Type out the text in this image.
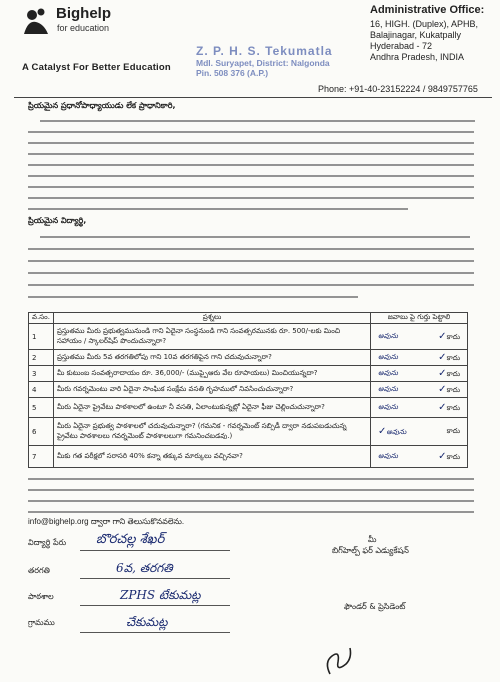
Bighelp
for education
A Catalyst For Better Education
Z. P. H. S. Tekumatla
Mdl. Suryapet, District: Nalgonda
Pin. 508 376 (A.P.)
Administrative Office:
16, HIGH. (Duplex), APHB,
Balajinagar, Kukatpally
Hyderabad - 72
Andhra Pradesh, INDIA
Phone: +91-40-23152224 / 9849757765
ప్రియమైన ప్రధానోపాధ్యాయుడు లేక ప్రాధానికారి,
ప్రియమైన విద్యార్థి,
వ.సం.	ప్రశ్నలు	జవాబు పై గుర్తు పెట్టాలి
1	ప్రస్తుతము మీరు ప్రభుత్వమునుండి గాని ఏదైనా సంస్థనుండి గాని సంవత్సరమునకు రూ. 500/-లకు మించి సహాయం / స్కాలర్‌షిప్ పొందుచున్నారా?	అవును ✓కాదు

2	ప్రస్తుతము మీరు 5వ తరగతిలోపు గాని 10వ తరగతిపైన గాని చదువుచున్నారా?	అవును ✓కాదు

3	మీ కుటుంబ సంవత్సరాదాయం రూ. 36,000/- (ముప్పైఆరు వేల రూపాయలు) మించియున్నదా?	అవును ✓కాదు

4	మీరు గవర్నమెంటు వారి ఏదైనా సాంఘిక సంక్షేమ వసతి గృహములో నివసించుచున్నారా?	అవును ✓కాదు

5	మీరు ఏదైనా ప్రైవేటు పాఠశాలలో ఉంటూ నీ వసతి, ఏలాంటుకున్నట్లో ఏదైనా ఫీజు చెల్లించుచున్నారా?	అవును ✓కాదు

6	మీరు ఏదైనా ప్రభుత్వ పాఠశాలలో చదువుచున్నారా? (గమనిక - గవర్నమెంట్ సబ్సిడీ ద్వారా నడుపబడుచున్న ప్రైవేటు పాఠశాలలు గవర్నమెంట్ పాఠశాలలుగా గమనించబడవు.)	✓అవును కాదు

7	మీకు గత పరీక్షలో సరాసరి 40% కన్నా తక్కువ మార్కులు వచ్చినవా?	అవును ✓కాదు
info@bighelp.org ద్వారా గాని తెలుసుకొనవలెను.
విద్యార్థి పేరు బొరచల్ల శేఖర్
తరగతి	6వ, తరగతి
పాఠశాల	ZPHS టేకుమట్ల
గ్రామము	చేకుమట్ల
మీ
బిగ్‌హెల్ప్ ఫర్ ఎడ్యుకేషన్
ఫౌండర్ & ప్రెసిడెంట్
